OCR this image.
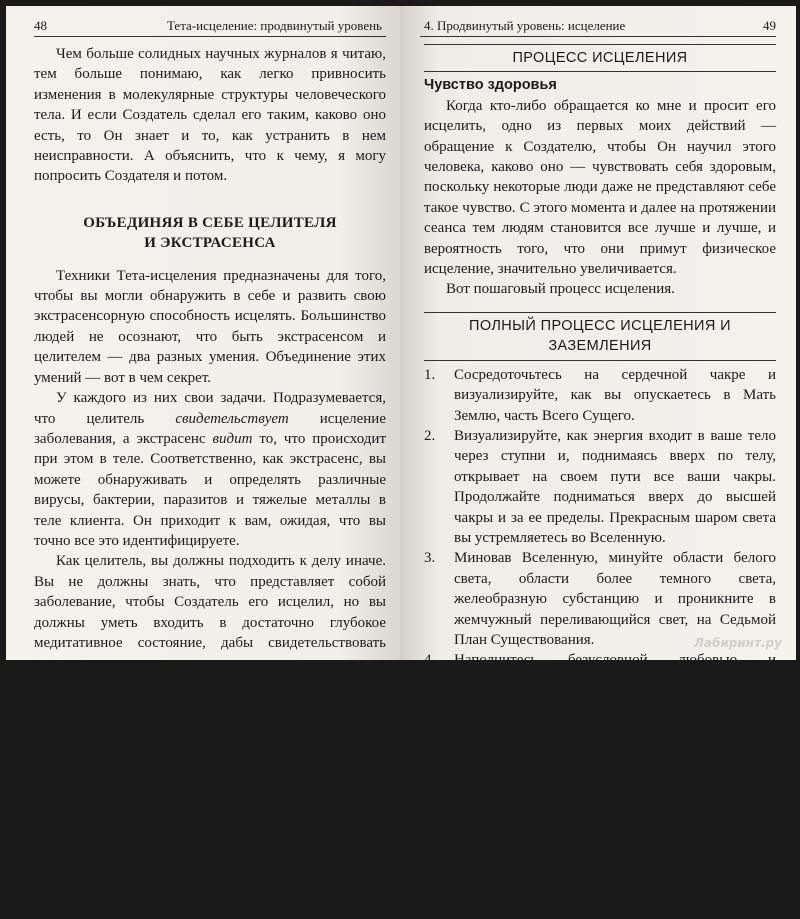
48	Тета-исцеление: продвинутый уровень

Чем больше солидных научных журналов я читаю, тем больше понимаю, как легко привносить изменения в молекулярные структуры человеческого тела. И если Создатель сделал его таким, каково оно есть, то Он знает и то, как устранить в нем неисправности. А объяснить, что к чему, я могу попросить Создателя и потом.

ОБЪЕДИНЯЯ В СЕБЕ ЦЕЛИТЕЛЯ
И ЭКСТРАСЕНСА

Техники Тета-исцеления предназначены для того, чтобы вы могли обнаружить в себе и развить свою экстрасенсорную способность исцелять. Большинство людей не осознают, что быть экстрасенсом и целителем — два разных умения. Объединение этих умений — вот в чем секрет.

У каждого из них свои задачи. Подразумевается, что целитель свидетельствует исцеление заболевания, а экстрасенс видит то, что происходит при этом в теле. Соответственно, как экстрасенс, вы можете обнаруживать и определять различные вирусы, бактерии, паразитов и тяжелые металлы в теле клиента. Он приходит к вам, ожидая, что вы точно все это идентифицируете.

Как целитель, вы должны подходить к делу иначе. Вы не должны знать, что представляет собой заболевание, чтобы Создатель его исцелил, но вы должны уметь входить в достаточно глубокое медитативное состояние, дабы свидетельствовать совершающееся исцеление.

В Тета-исцелении мы используем «высокое» и «низкое» тета-состояния. Для большинства исцелений пребывание в «высоком» тета-состоянии более эффективно, чем пребывание в «низком». И вы, собираясь свидетельствовать исцеление, должны быть уверены, что у вас достаточно времени на вхождение в глубокое тета-состояние.

Практикующий Тета-исцеление объединяет в себе и целителя, и экстрасенса. Он — целитель, который использует свои экстрасенсорные способности, чтобы свидетельствовать исцеление через связь с Создателем.

4. Продвинутый уровень: исцеление	49
ПРОЦЕСС ИСЦЕЛЕНИЯ
Чувство здоровья

Когда кто-либо обращается ко мне и просит его исцелить, одно из первых моих действий — обращение к Создателю, чтобы Он научил этого человека, каково оно — чувствовать себя здоровым, поскольку некоторые люди даже не представляют себе такое чувство. С этого момента и далее на протяжении сеанса тем людям становится все лучше и лучше, и вероятность того, что они примут физическое исцеление, значительно увеличивается.

Вот пошаговый процесс исцеления.

ПОЛНЫЙ ПРОЦЕСС ИСЦЕЛЕНИЯ И ЗАЗЕМЛЕНИЯ
1. Сосредоточьтесь на сердечной чакре и визуализируйте, как вы опускаетесь в Мать Землю, часть Всего Сущего.
2. Визуализируйте, как энергия входит в ваше тело через ступни и, поднимаясь вверх по телу, открывает на своем пути все ваши чакры. Продолжайте подниматься вверх до высшей чакры и за ее пределы. Прекрасным шаром света вы устремляетесь во Вселенную.
3. Миновав Вселенную, минуйте области белого света, области более темного света, желеобразную субстанцию и проникните в жемчужный переливающийся свет, на Седьмой План Существования.
4. Наполнитесь безусловной любовью и произнесите повеление: «Создатель, повелеваю, чтобы этот человек прямо сейчас был исцелен. Благодарю Тебя. Свершилось. Свершилось. Свершилось».
5. Станьте свидетелями того, как исцеляющая энергия проникает в пространство этого человека, и наблюдайте свершающиеся в его теле изменения. Продолжайте наблюдать до завершения процесса исцеления.
6. Представьте, что вы омываете себя в потоке воды или белого света.
Лабиринт.ру
